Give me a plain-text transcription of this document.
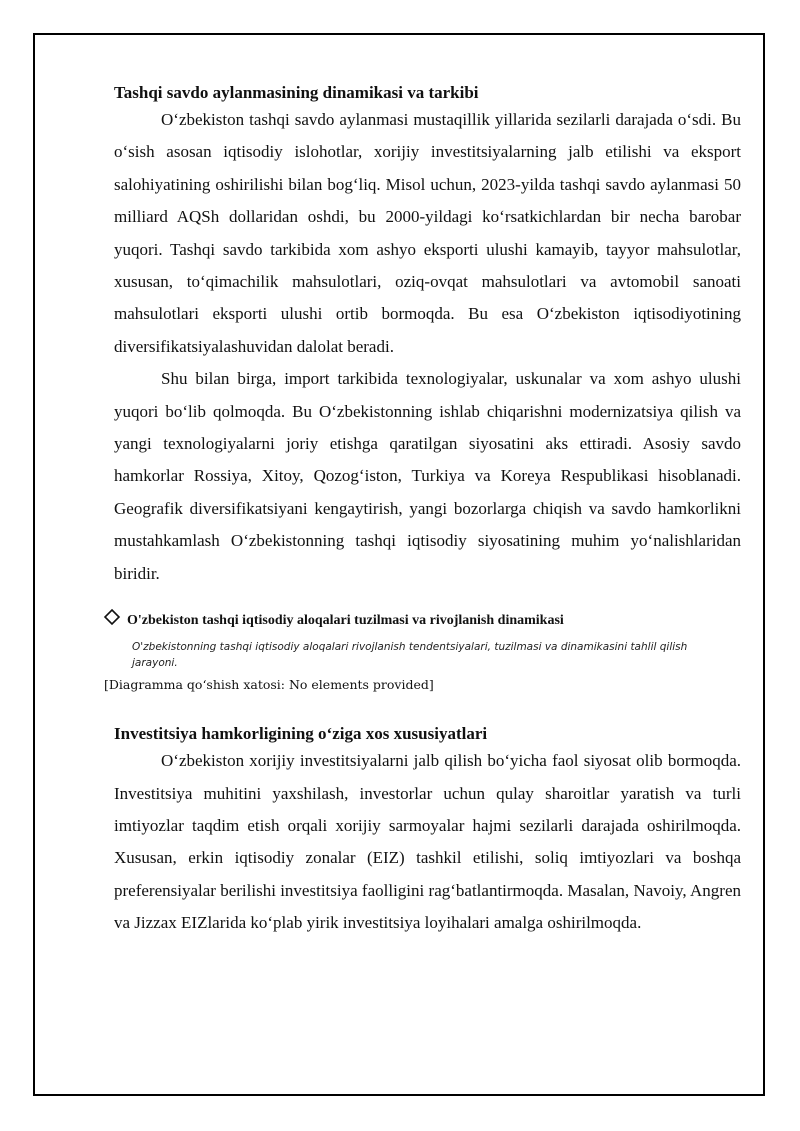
Tashqi savdo aylanmasining dinamikasi va tarkibi

O‘zbekiston tashqi savdo aylanmasi mustaqillik yillarida sezilarli darajada o‘sdi. Bu o‘sish asosan iqtisodiy islohotlar, xorijiy investitsiyalarning jalb etilishi va eksport salohiyatining oshirilishi bilan bog‘liq. Misol uchun, 2023-yilda tashqi savdo aylanmasi 50 milliard AQSh dollaridan oshdi, bu 2000-yildagi ko‘rsatkichlardan bir necha barobar yuqori. Tashqi savdo tarkibida xom ashyo eksporti ulushi kamayib, tayyor mahsulotlar, xususan, to‘qimachilik mahsulotlari, oziq-ovqat mahsulotlari va avtomobil sanoati mahsulotlari eksporti ulushi ortib bormoqda. Bu esa O‘zbekiston iqtisodiyotining diversifikatsiyalashuvidan dalolat beradi.

Shu bilan birga, import tarkibida texnologiyalar, uskunalar va xom ashyo ulushi yuqori bo‘lib qolmoqda. Bu O‘zbekistonning ishlab chiqarishni modernizatsiya qilish va yangi texnologiyalarni joriy etishga qaratilgan siyosatini aks ettiradi. Asosiy savdo hamkorlar Rossiya, Xitoy, Qozog‘iston, Turkiya va Koreya Respublikasi hisoblanadi. Geografik diversifikatsiyani kengaytirish, yangi bozorlarga chiqish va savdo hamkorlikni mustahkamlash O‘zbekistonning tashqi iqtisodiy siyosatining muhim yo‘nalishlaridan biridir.

O'zbekiston tashqi iqtisodiy aloqalari tuzilmasi va rivojlanish dinamikasi
O'zbekistonning tashqi iqtisodiy aloqalari rivojlanish tendentsiyalari, tuzilmasi va dinamikasini tahlil qilish jarayoni.
[Diagramma qo‘shish xatosi: No elements provided]
Investitsiya hamkorligining o‘ziga xos xususiyatlari

O‘zbekiston xorijiy investitsiyalarni jalb qilish bo‘yicha faol siyosat olib bormoqda. Investitsiya muhitini yaxshilash, investorlar uchun qulay sharoitlar yaratish va turli imtiyozlar taqdim etish orqali xorijiy sarmoyalar hajmi sezilarli darajada oshirilmoqda. Xususan, erkin iqtisodiy zonalar (EIZ) tashkil etilishi, soliq imtiyozlari va boshqa preferensiyalar berilishi investitsiya faolligini rag‘batlantirmoqda. Masalan, Navoiy, Angren va Jizzax EIZlarida ko‘plab yirik investitsiya loyihalari amalga oshirilmoqda.
